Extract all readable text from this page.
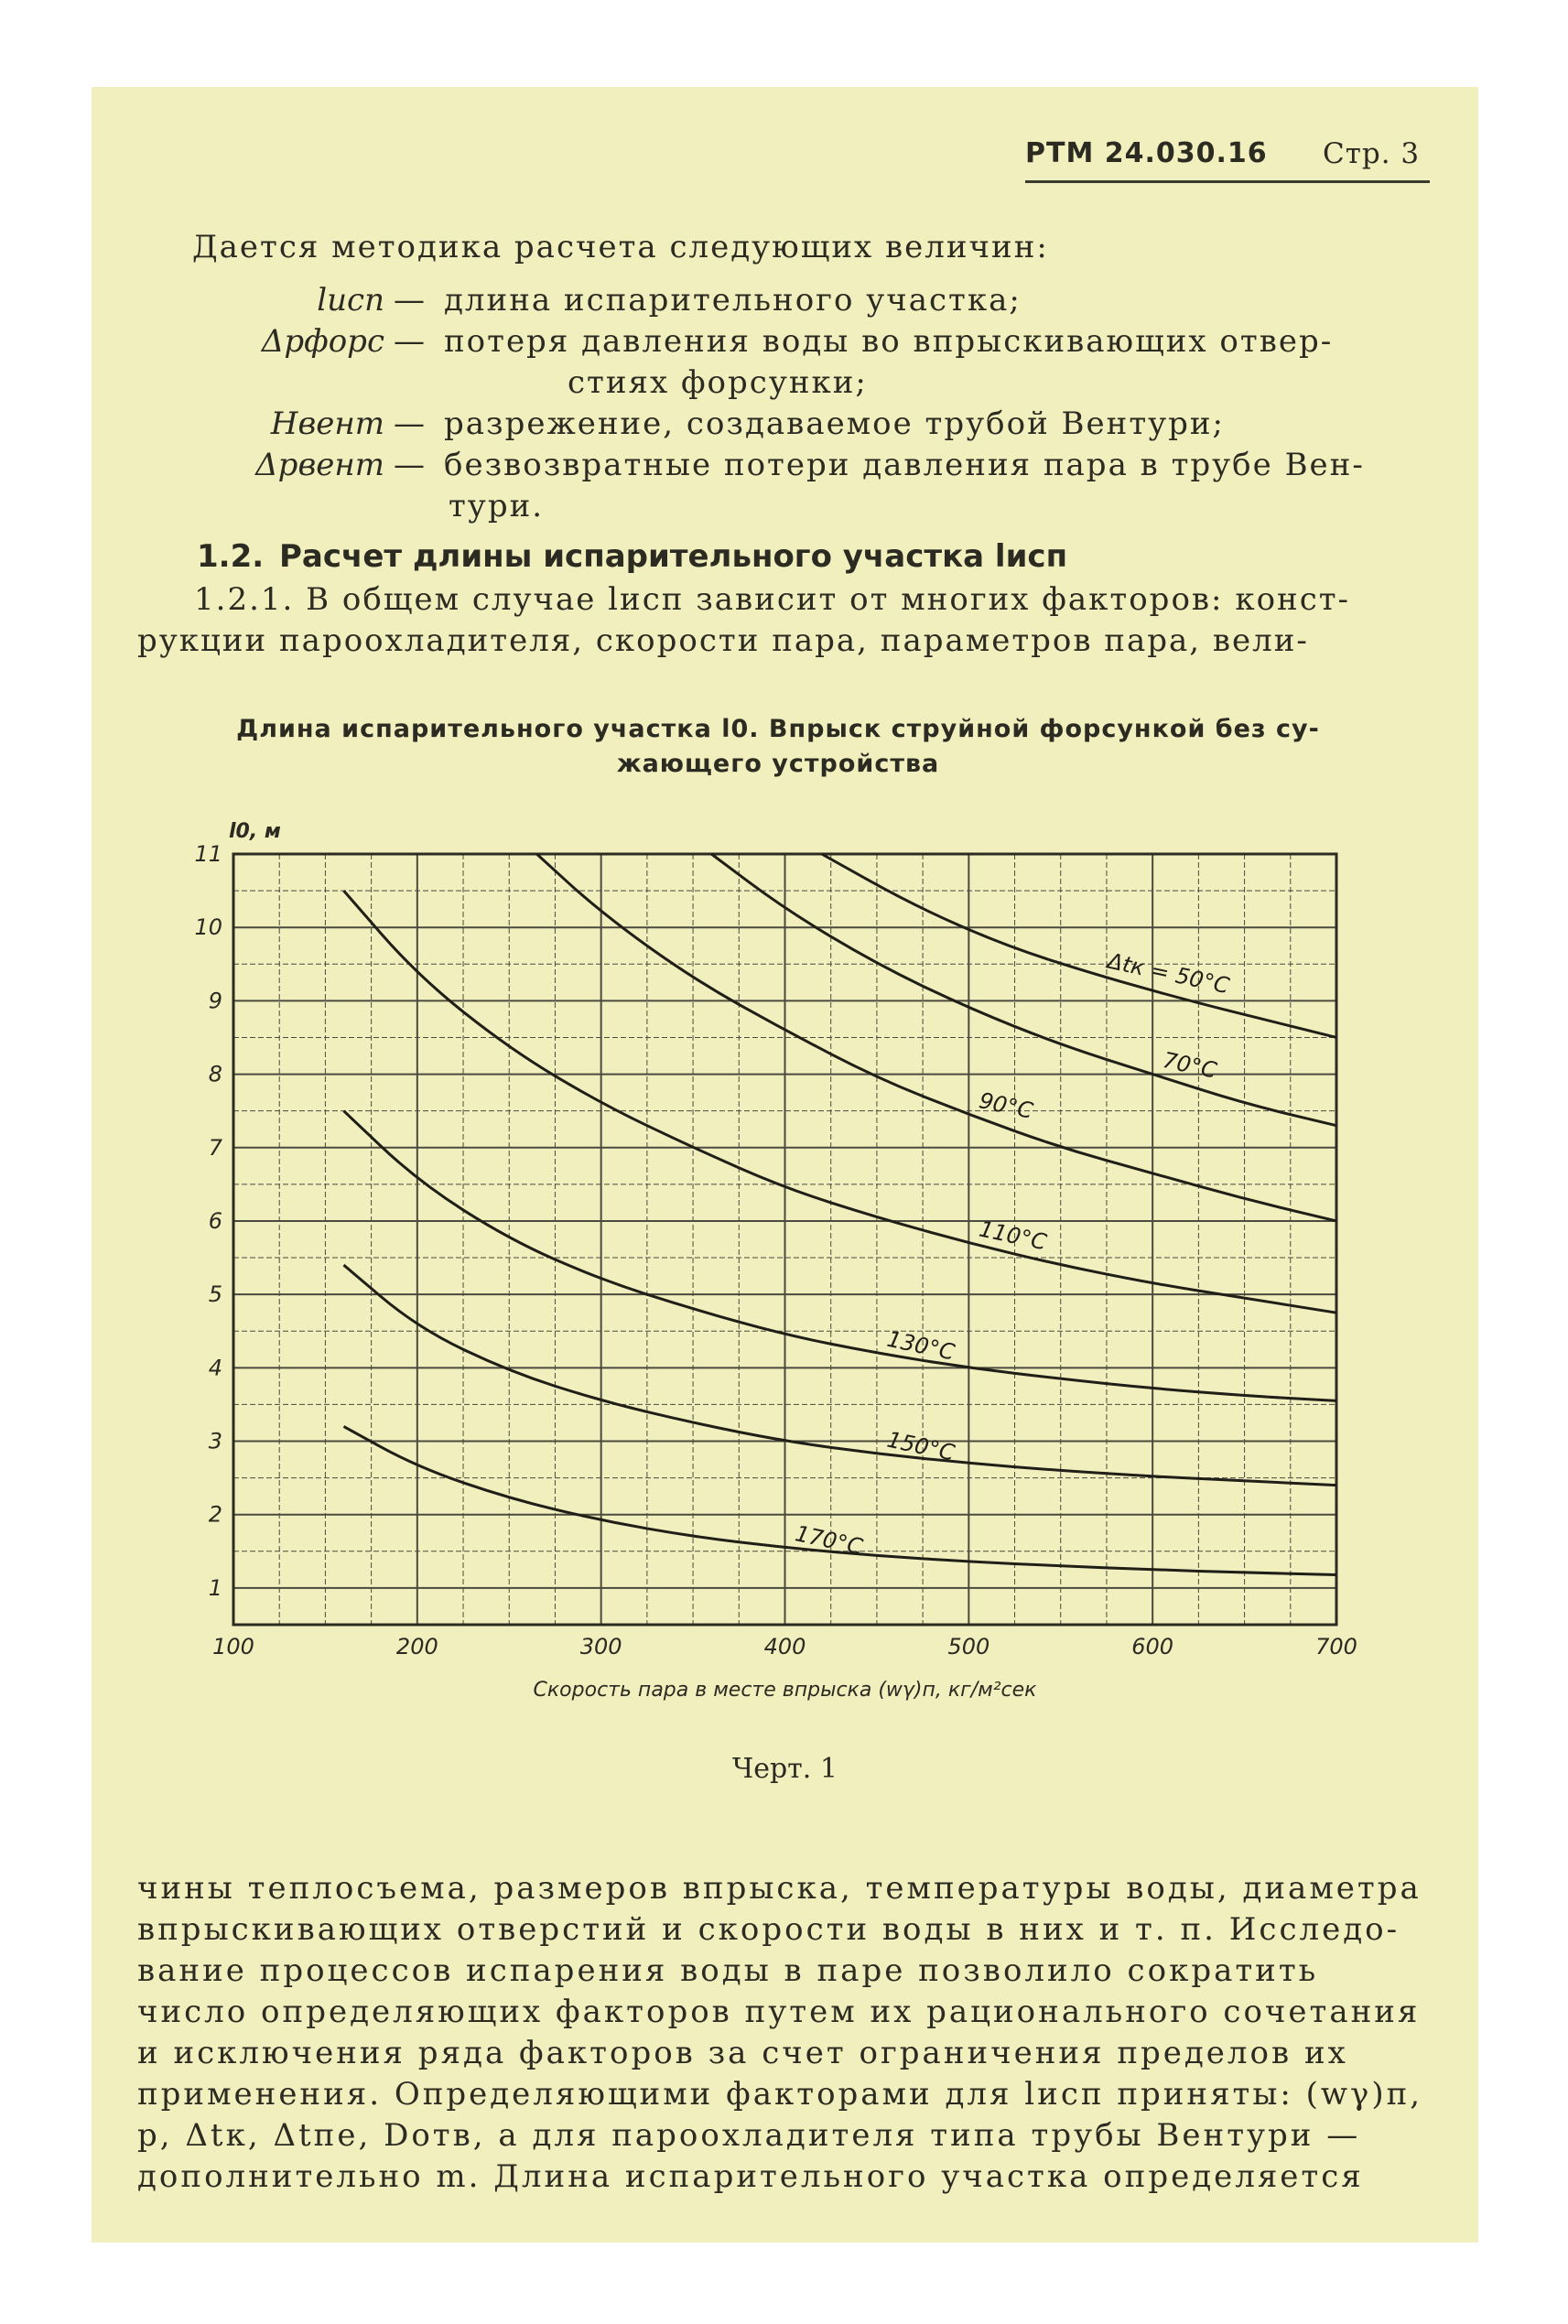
РТМ 24.030.16 Стр. 3
Дается методика расчета следующих величин:
lисп — длина испарительного участка;
Δpфорс — потеря давления воды во впрыскивающих отвер-
стиях форсунки;
Hвент — разрежение, создаваемое трубой Вентури;
Δpвент — безвозвратные потери давления пара в трубе Вен-
тури.
1.2. Расчет длины испарительного участка lисп
1.2.1. В общем случае lисп зависит от многих факторов: конст-
рукции пароохладителя, скорости пара, параметров пара, вели-
Длина испарительного участка l0. Впрыск струйной форсункой без су-
жающего устройства
100	200	300	400	500	600	700
1
2
3
4
5
6
7
8
9
10
11
l0, м
Скорость пара в месте впрыска (wγ)п, кг/м²сек
Δtк = 50°C
70°C
90°C
110°C
130°C
150°C
170°C
Черт. 1
чины теплосъема, размеров впрыска, температуры воды, диаметра
впрыскивающих отверстий и скорости воды в них и т. п. Исследо-
вание процессов испарения воды в паре позволило сократить
число определяющих факторов путем их рационального сочетания
и исключения ряда факторов за счет ограничения пределов их
применения. Определяющими факторами для lисп приняты: (wγ)п,
p, Δtк, Δtпе, Dотв, а для пароохладителя типа трубы Вентури —
дополнительно m. Длина испарительного участка определяется
